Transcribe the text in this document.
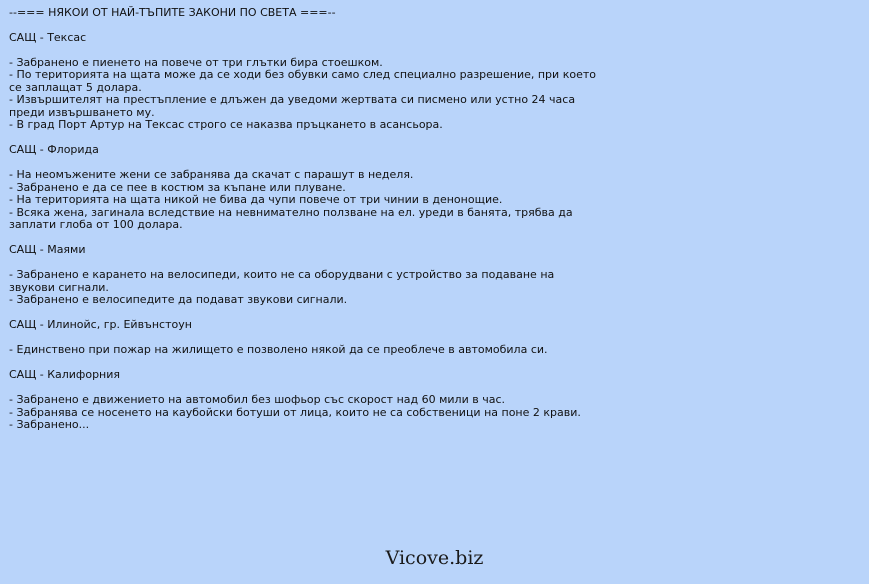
--=== НЯКОИ ОТ НАЙ-ТЪПИТЕ ЗАКОНИ ПО СВЕТА ===--

САЩ - Тексас

- Забранено е пиенето на повече от три глътки бира стоешком.

- По територията на щата може да се ходи без обувки само след специално разрешение, при което се заплащат 5 долара.

- Извършителят на престъпление е длъжен да уведоми жертвата си писмено или устно 24 часа преди извършването му.

- В град Порт Артур на Тексас строго се наказва пръцкането в асансьора.

САЩ - Флорида

- На неомъжените жени се забранява да скачат с парашут в неделя.

- Забранено е да се пее в костюм за къпане или плуване.

- На територията на щата никой не бива да чупи повече от три чинии в денонощие.

- Всяка жена, загинала вследствие на невнимателно ползване на ел. уреди в банята, трябва да заплати глоба от 100 долара.

САЩ - Маями

- Забранено е карането на велосипеди, които не са оборудвани с устройство за подаване на звукови сигнали.

- Забранено е велосипедите да подават звукови сигнали.

САЩ - Илинойс, гр. Ейвънстоун

- Единствено при пожар на жилището е позволено някой да се преоблече в автомобила си.

САЩ - Калифорния

- Забранено е движението на автомобил без шофьор със скорост над 60 мили в час.

- Забранява се носенето на каубойски ботуши от лица, които не са собственици на поне 2 крави.

- Забранено...

Vicove.biz
